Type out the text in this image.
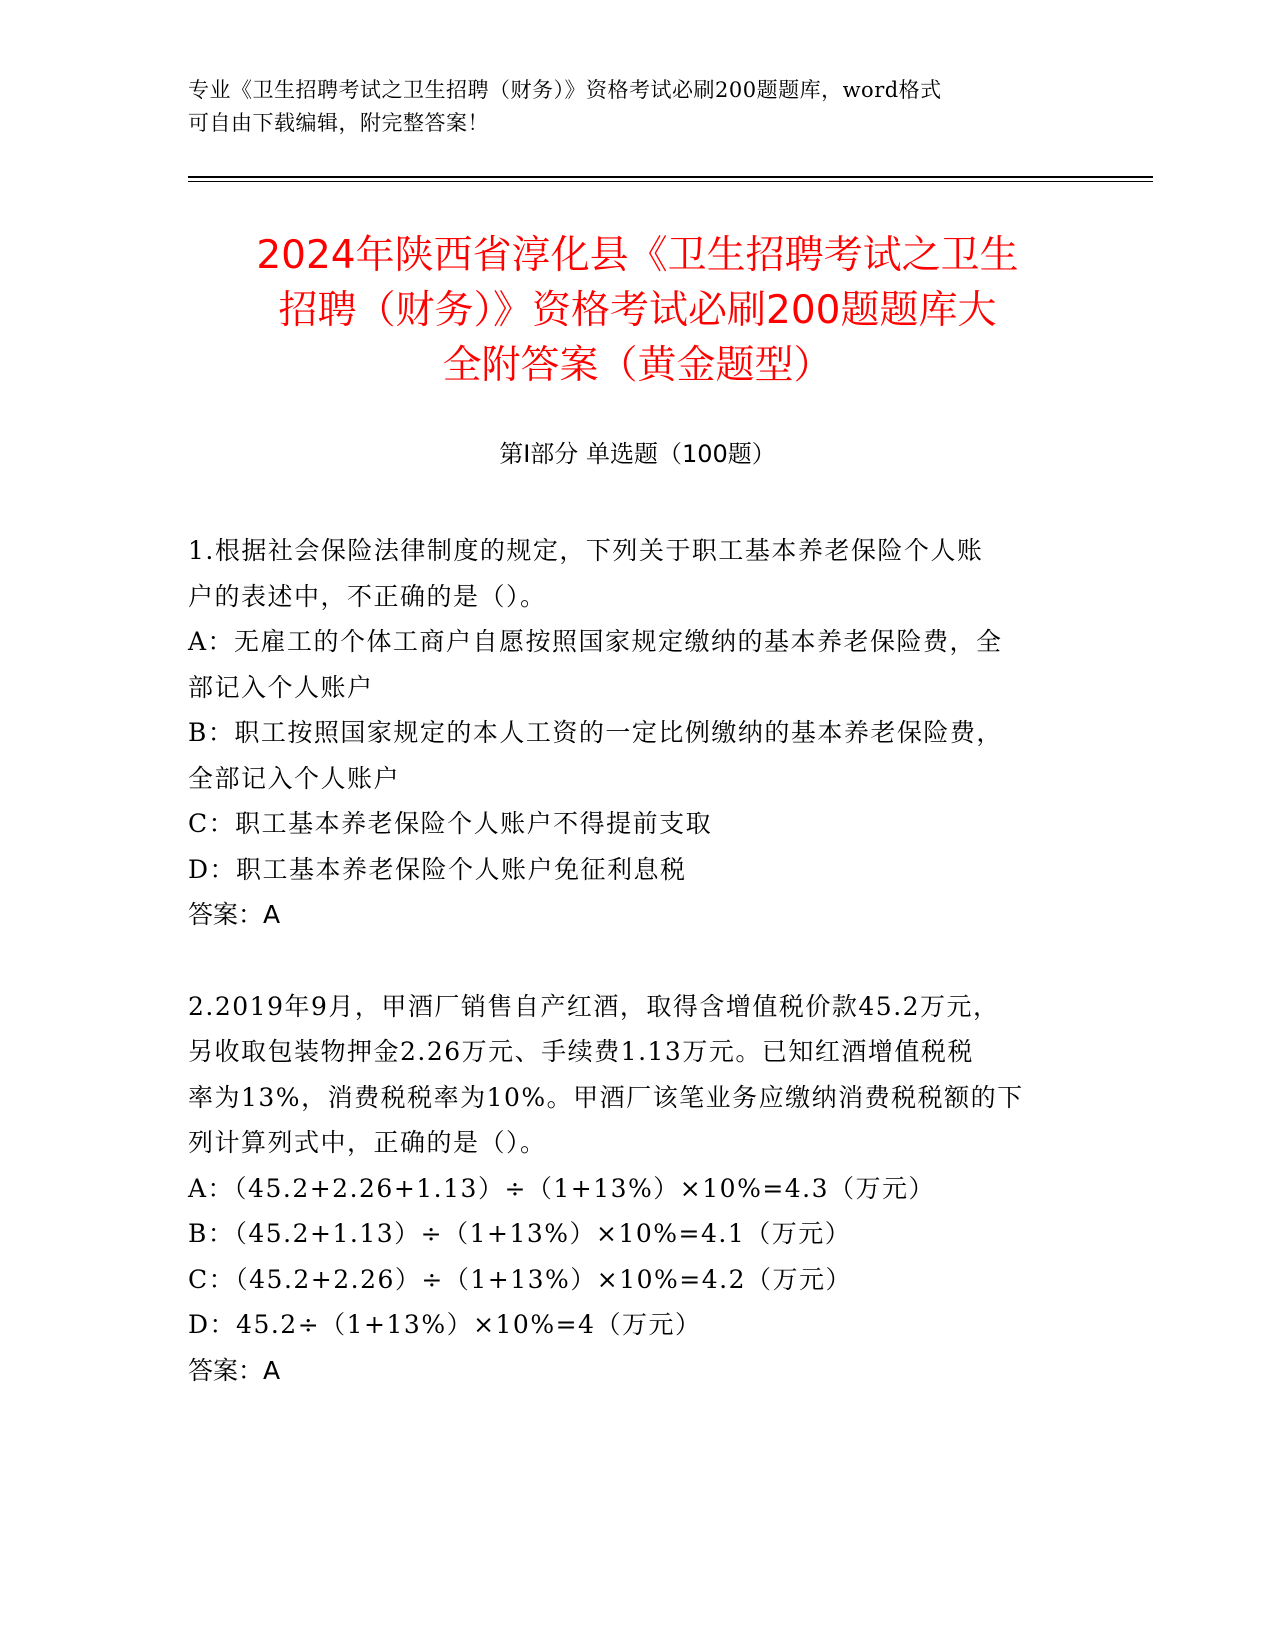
专业《卫生招聘考试之卫生招聘（财务）》资格考试必刷200题题库，word格式
可自由下载编辑，附完整答案！
2024年陕西省淳化县《卫生招聘考试之卫生
招聘（财务）》资格考试必刷200题题库大
全附答案（黄金题型）
第Ⅰ部分 单选题（100题）

1.根据社会保险法律制度的规定，下列关于职工基本养老保险个人账

户的表述中，不正确的是（）。

A：无雇工的个体工商户自愿按照国家规定缴纳的基本养老保险费，全

部记入个人账户

B：职工按照国家规定的本人工资的一定比例缴纳的基本养老保险费，

全部记入个人账户

C：职工基本养老保险个人账户不得提前支取

D：职工基本养老保险个人账户免征利息税

答案：A

2.2019年9月，甲酒厂销售自产红酒，取得含增值税价款45.2万元，

另收取包装物押金2.26万元、手续费1.13万元。已知红酒增值税税

率为13%，消费税税率为10%。甲酒厂该笔业务应缴纳消费税税额的下

列计算列式中，正确的是（）。

A：（45.2+2.26+1.13）÷（1+13%）×10%=4.3（万元）

B：（45.2+1.13）÷（1+13%）×10%=4.1（万元）

C：（45.2+2.26）÷（1+13%）×10%=4.2（万元）

D：45.2÷（1+13%）×10%=4（万元）

答案：A
